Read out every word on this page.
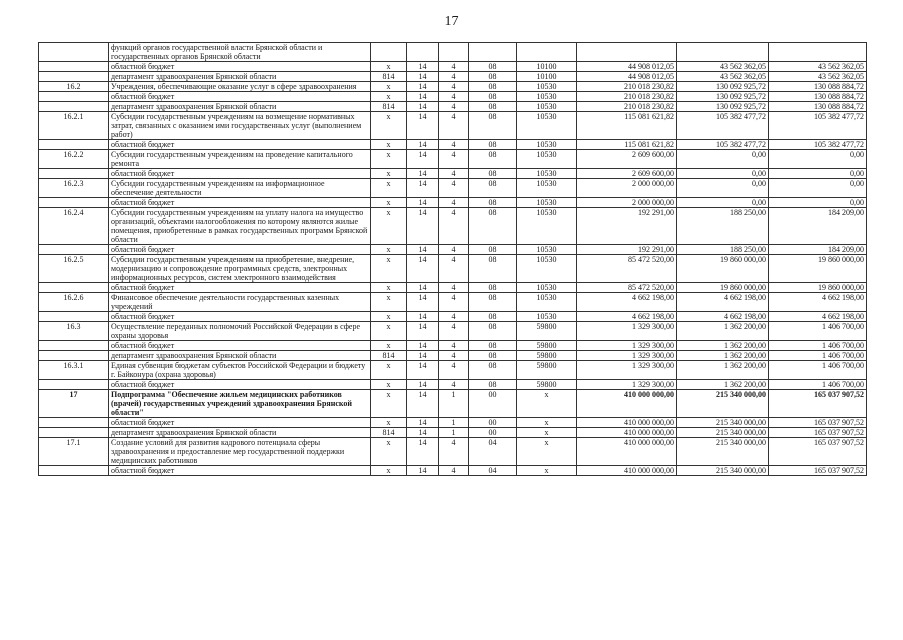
17
	функций органов государственной власти Брянской области и государственных органов Брянской области								
	областной бюджет	х	14	4	08	10100	44 908 012,05	43 562 362,05	43 562 362,05
	департамент здравоохранения Брянской области	814	14	4	08	10100	44 908 012,05	43 562 362,05	43 562 362,05
16.2	Учреждения, обеспечивающие оказание услуг в сфере здравоохранения	х	14	4	08	10530	210 018 230,82	130 092 925,72	130 088 884,72
	областной бюджет	х	14	4	08	10530	210 018 230,82	130 092 925,72	130 088 884,72
	департамент здравоохранения Брянской области	814	14	4	08	10530	210 018 230,82	130 092 925,72	130 088 884,72
16.2.1	Субсидии государственным учреждениям на возмещение нормативных затрат, связанных с оказанием ими государственных услуг (выполнением работ)	х	14	4	08	10530	115 081 621,82	105 382 477,72	105 382 477,72
	областной бюджет	х	14	4	08	10530	115 081 621,82	105 382 477,72	105 382 477,72
16.2.2	Субсидии государственным учреждениям на проведение капитального ремонта	х	14	4	08	10530	2 609 600,00	0,00	0,00
	областной бюджет	х	14	4	08	10530	2 609 600,00	0,00	0,00
16.2.3	Субсидии государственным учреждениям на информационное обеспечение деятельности	х	14	4	08	10530	2 000 000,00	0,00	0,00
	областной бюджет	х	14	4	08	10530	2 000 000,00	0,00	0,00
16.2.4	Субсидии государственным учреждениям на уплату налога на имущество организаций, объектами налогообложения по которому являются жилые помещения, приобретенные в рамках государственных программ Брянской области	х	14	4	08	10530	192 291,00	188 250,00	184 209,00
	областной бюджет	х	14	4	08	10530	192 291,00	188 250,00	184 209,00
16.2.5	Субсидии государственным учреждениям на приобретение, внедрение, модернизацию и сопровождение программных средств, электронных информационных ресурсов, систем электронного взаимодействия	х	14	4	08	10530	85 472 520,00	19 860 000,00	19 860 000,00
	областной бюджет	х	14	4	08	10530	85 472 520,00	19 860 000,00	19 860 000,00
16.2.6	Финансовое обеспечение деятельности государственных казенных учреждений	х	14	4	08	10530	4 662 198,00	4 662 198,00	4 662 198,00
	областной бюджет	х	14	4	08	10530	4 662 198,00	4 662 198,00	4 662 198,00
16.3	Осуществление переданных полномочий Российской Федерации в сфере охраны здоровья	х	14	4	08	59800	1 329 300,00	1 362 200,00	1 406 700,00
	областной бюджет	х	14	4	08	59800	1 329 300,00	1 362 200,00	1 406 700,00
	департамент здравоохранения Брянской области	814	14	4	08	59800	1 329 300,00	1 362 200,00	1 406 700,00
16.3.1	Единая субвенция бюджетам субъектов Российской Федерации и бюджету г. Байконура (охрана здоровья)	х	14	4	08	59800	1 329 300,00	1 362 200,00	1 406 700,00
	областной бюджет	х	14	4	08	59800	1 329 300,00	1 362 200,00	1 406 700,00
17	Подпрограмма "Обеспечение жильем медицинских работников (врачей) государственных учреждений здравоохранения Брянской области"	х	14	1	00	х	410 000 000,00	215 340 000,00	165 037 907,52
	областной бюджет	х	14	1	00	х	410 000 000,00	215 340 000,00	165 037 907,52
	департамент здравоохранения Брянской области	814	14	1	00	х	410 000 000,00	215 340 000,00	165 037 907,52
17.1	Создание условий для развития кадрового потенциала сферы здравоохранения и предоставление мер государственной поддержки медицинских работников	х	14	4	04	х	410 000 000,00	215 340 000,00	165 037 907,52
	областной бюджет	х	14	4	04	х	410 000 000,00	215 340 000,00	165 037 907,52
